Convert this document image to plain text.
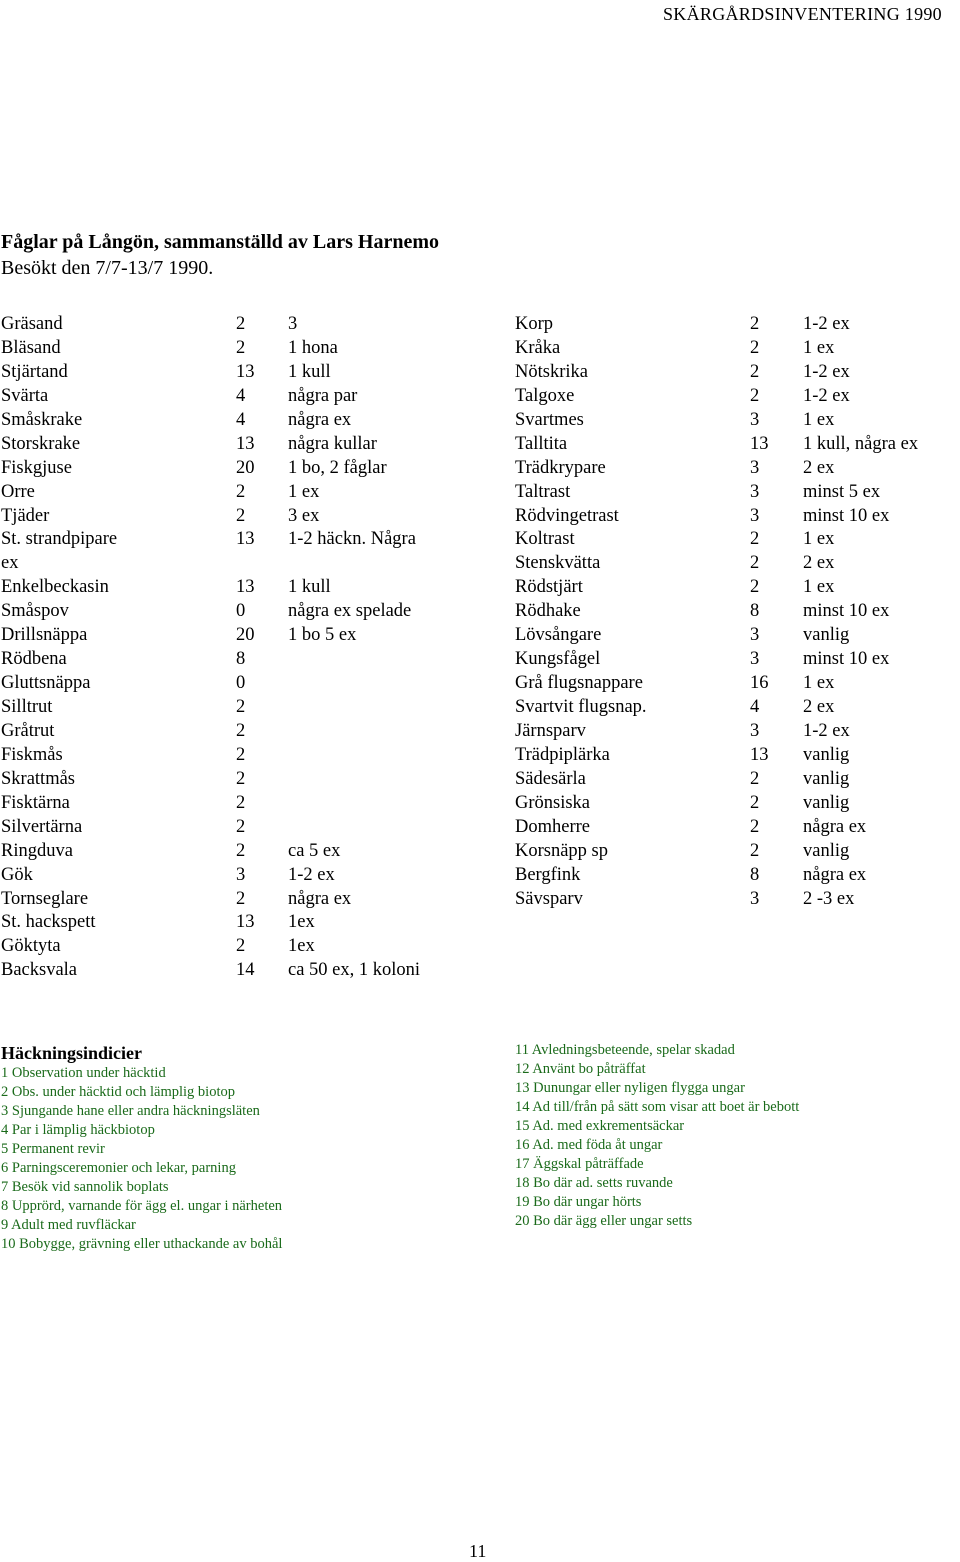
SKÄRGÅRDSINVENTERING 1990
Fåglar på Långön, sammanställd av Lars Harnemo
Besökt den 7/7-13/7 1990.
Gräsand	2 3
Bläsand	2 1 hona
Stjärtand	13 1 kull
Svärta	4 några par
Småskrake	4 några ex
Storskrake	13 några kullar
Fiskgjuse	20 1 bo, 2 fåglar
Orre	2 1 ex
Tjäder	2 3 ex
St. strandpipare	13 1-2 häckn. Några
ex
Enkelbeckasin	13 1 kull
Småspov	0 några ex spelade
Drillsnäppa	20 1 bo 5 ex
Rödbena	8
Gluttsnäppa	0
Silltrut	2
Gråtrut	2
Fiskmås	2
Skrattmås	2
Fisktärna	2
Silvertärna	2
Ringduva	2 ca 5 ex
Gök	3 1-2 ex
Tornseglare	2 några ex
St. hackspett	13 1ex
Göktyta	2 1ex
Backsvala	14 ca 50 ex, 1 koloni
Korp	2 1-2 ex
Kråka	2 1 ex
Nötskrika	2 1-2 ex
Talgoxe	2 1-2 ex
Svartmes	3 1 ex
Talltita	13 1 kull, några ex
Trädkrypare	3 2 ex
Taltrast	3 minst 5 ex
Rödvingetrast	3 minst 10 ex
Koltrast	2 1 ex
Stenskvätta	2 2 ex
Rödstjärt	2 1 ex
Rödhake	8 minst 10 ex
Lövsångare	3 vanlig
Kungsfågel	3 minst 10 ex
Grå flugsnappare	16 1 ex
Svartvit flugsnap.	4 2 ex
Järnsparv	3 1-2 ex
Trädpiplärka	13 vanlig
Sädesärla	2 vanlig
Grönsiska	2 vanlig
Domherre	2 några ex
Korsnäpp sp	2 vanlig
Bergfink	8 några ex
Sävsparv	3 2 -3 ex
Häckningsindicier
1 Observation under häcktid
2 Obs. under häcktid och lämplig biotop
3 Sjungande hane eller andra häckningsläten
4 Par i lämplig häckbiotop
5 Permanent revir
6 Parningsceremonier och lekar, parning
7 Besök vid sannolik boplats
8 Upprörd, varnande för ägg el. ungar i närheten
9 Adult med ruvfläckar
10 Bobygge, grävning eller uthackande av bohål
11 Avledningsbeteende, spelar skadad
12 Använt bo påträffat
13 Dunungar eller nyligen flygga ungar
14 Ad till/från på sätt som visar att boet är bebott
15 Ad. med exkrementsäckar
16 Ad. med föda åt ungar
17 Äggskal påträffade
18 Bo där ad. setts ruvande
19 Bo där ungar hörts
20 Bo där ägg eller ungar setts
11
